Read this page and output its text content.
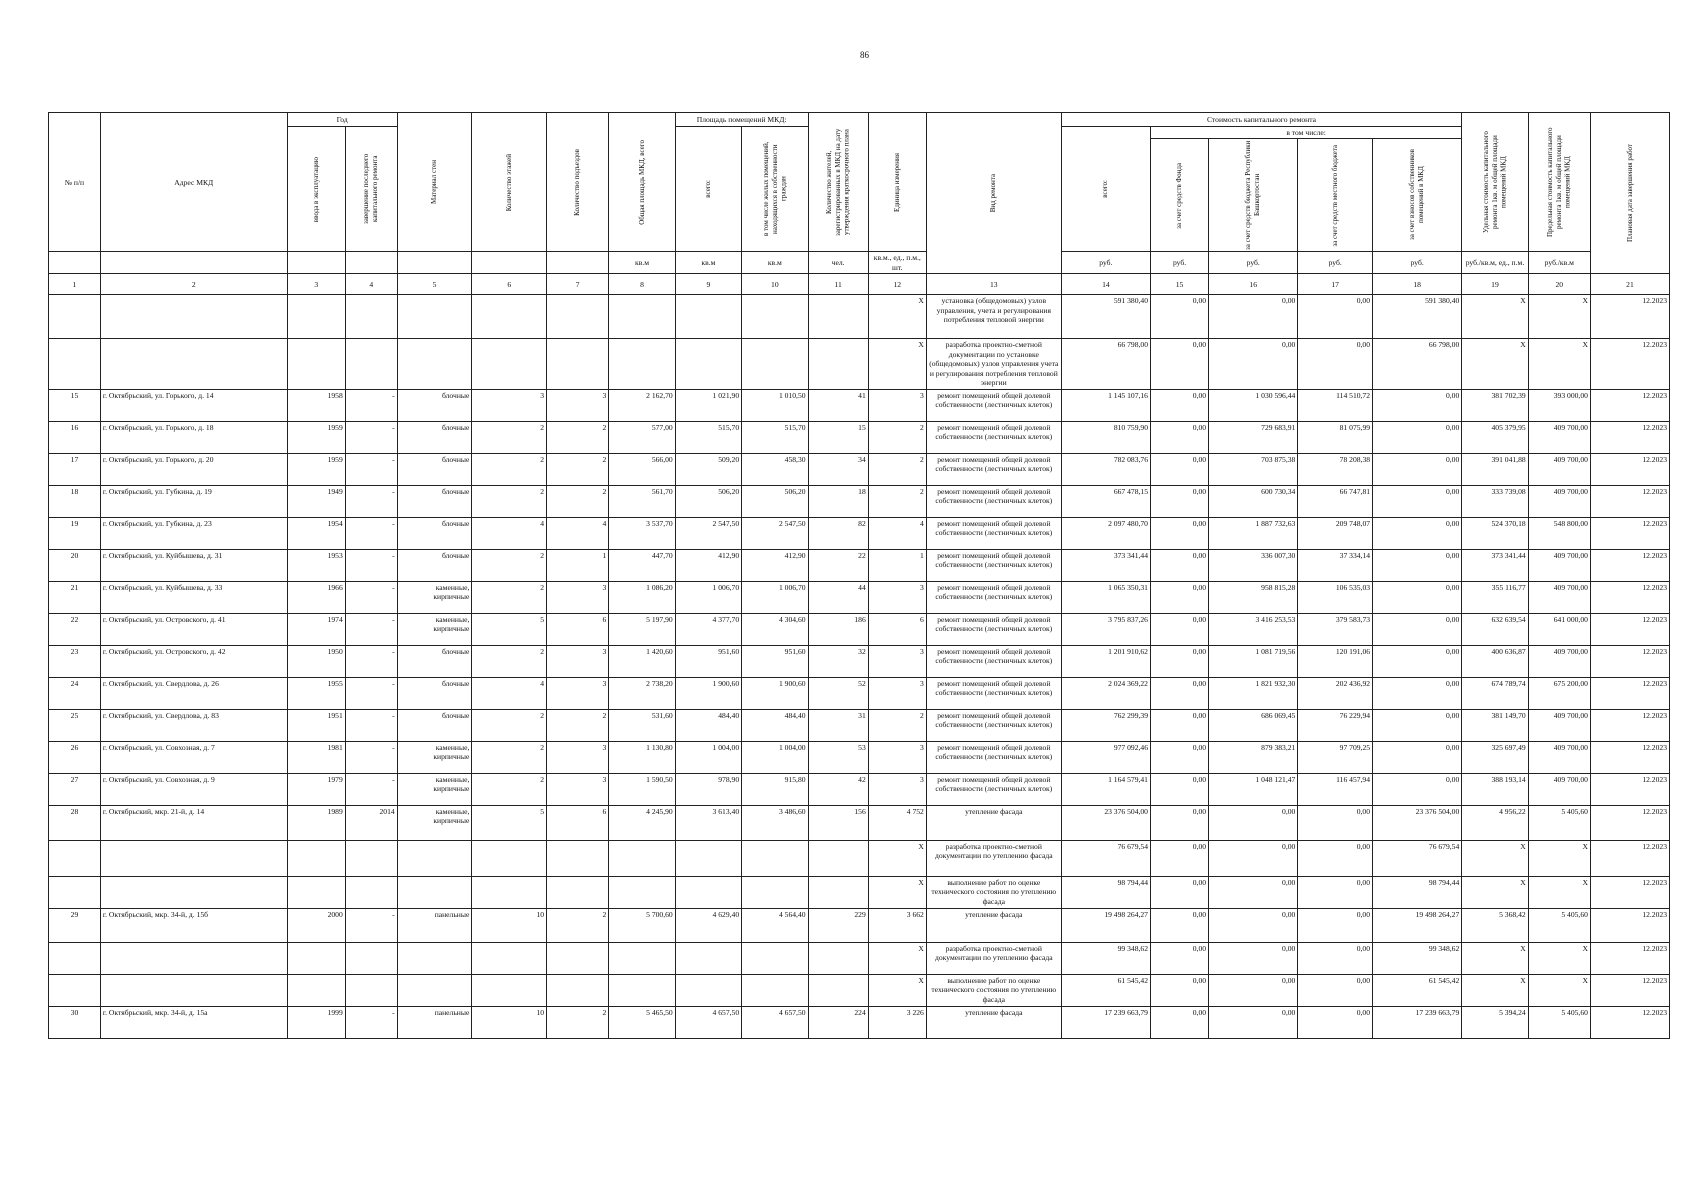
86
№ п/п	Адрес МКД	Год		Материал стен	Количество этажей	Количество подъездов	Общая площадь МКД, всего	Площадь помещений МКД:		Количество жителей, зарегистрированных в МКД на дату утверждения краткосрочного плана	Единица измерения	Вид ремонта	Стоимость капитального ремонта					Удельная стоимость капитального ремонта 1кв. м общей площади помещений МКД	Предельная стоимость капитального ремонта 1кв. м общей площади помещений МКД	Плановая дата завершения работ

		ввода в эксплуатацию	завершение последнего капитального ремонта					всего:	в том числе жилых помещений, находящихся в собственности граждан				всего:	в том числе:						

														за счет средств Фонда	за счет средств бюджета Республики Башкортостан	за счет средств местного бюджета	за счет взносов собственников помещений в МКД			

							кв.м	кв.м	кв.м	чел.	кв.м., ед., п.м., шт.		руб.	руб.	руб.	руб.	руб.	руб./кв.м, ед., п.м.	руб./кв.м	
1	2	3	4	5	6	7	8	9	10	11	12	13	14	15	16	17	18	19	20	21
											X	установка (общедомовых) узлов управления, учета и регулирования потребления тепловой энергии	591 380,40	0,00	0,00	0,00	591 380,40	X	X	12.2023
											X	разработка проектно-сметной документации по установке (общедомовых) узлов управления учета и регулирования потребления тепловой энергии	66 798,00	0,00	0,00	0,00	66 798,00	X	X	12.2023
15	г. Октябрьский, ул. Горького, д. 14	1958	-	блочные	3	3	2 162,70	1 021,90	1 010,50	41	3	ремонт помещений общей долевой собственности (лестничных клеток)	1 145 107,16	0,00	1 030 596,44	114 510,72	0,00	381 702,39	393 000,00	12.2023
16	г. Октябрьский, ул. Горького, д. 18	1959	-	блочные	2	2	577,00	515,70	515,70	15	2	ремонт помещений общей долевой собственности (лестничных клеток)	810 759,90	0,00	729 683,91	81 075,99	0,00	405 379,95	409 700,00	12.2023
17	г. Октябрьский, ул. Горького, д. 20	1959	-	блочные	2	2	566,00	509,20	458,30	34	2	ремонт помещений общей долевой собственности (лестничных клеток)	782 083,76	0,00	703 875,38	78 208,38	0,00	391 041,88	409 700,00	12.2023
18	г. Октябрьский, ул. Губкина, д. 19	1949	-	блочные	2	2	561,70	506,20	506,20	18	2	ремонт помещений общей долевой собственности (лестничных клеток)	667 478,15	0,00	600 730,34	66 747,81	0,00	333 739,08	409 700,00	12.2023
19	г. Октябрьский, ул. Губкина, д. 23	1954	-	блочные	4	4	3 537,70	2 547,50	2 547,50	82	4	ремонт помещений общей долевой собственности (лестничных клеток)	2 097 480,70	0,00	1 887 732,63	209 748,07	0,00	524 370,18	548 800,00	12.2023
20	г. Октябрьский, ул. Куйбышева, д. 31	1953	-	блочные	2	1	447,70	412,90	412,90	22	1	ремонт помещений общей долевой собственности (лестничных клеток)	373 341,44	0,00	336 007,30	37 334,14	0,00	373 341,44	409 700,00	12.2023
21	г. Октябрьский, ул. Куйбышева, д. 33	1966	-	каменные, кирпичные	2	3	1 086,20	1 006,70	1 006,70	44	3	ремонт помещений общей долевой собственности (лестничных клеток)	1 065 350,31	0,00	958 815,28	106 535,03	0,00	355 116,77	409 700,00	12.2023
22	г. Октябрьский, ул. Островского, д. 41	1974	-	каменные, кирпичные	5	6	5 197,90	4 377,70	4 304,60	186	6	ремонт помещений общей долевой собственности (лестничных клеток)	3 795 837,26	0,00	3 416 253,53	379 583,73	0,00	632 639,54	641 000,00	12.2023
23	г. Октябрьский, ул. Островского, д. 42	1950	-	блочные	2	3	1 420,60	951,60	951,60	32	3	ремонт помещений общей долевой собственности (лестничных клеток)	1 201 910,62	0,00	1 081 719,56	120 191,06	0,00	400 636,87	409 700,00	12.2023
24	г. Октябрьский, ул. Свердлова, д. 26	1955	-	блочные	4	3	2 738,20	1 900,60	1 900,60	52	3	ремонт помещений общей долевой собственности (лестничных клеток)	2 024 369,22	0,00	1 821 932,30	202 436,92	0,00	674 789,74	675 200,00	12.2023
25	г. Октябрьский, ул. Свердлова, д. 83	1951	-	блочные	2	2	531,60	484,40	484,40	31	2	ремонт помещений общей долевой собственности (лестничных клеток)	762 299,39	0,00	686 069,45	76 229,94	0,00	381 149,70	409 700,00	12.2023
26	г. Октябрьский, ул. Совхозная, д. 7	1981	-	каменные, кирпичные	2	3	1 130,80	1 004,00	1 004,00	53	3	ремонт помещений общей долевой собственности (лестничных клеток)	977 092,46	0,00	879 383,21	97 709,25	0,00	325 697,49	409 700,00	12.2023
27	г. Октябрьский, ул. Совхозная, д. 9	1979	-	каменные, кирпичные	2	3	1 590,50	978,90	915,80	42	3	ремонт помещений общей долевой собственности (лестничных клеток)	1 164 579,41	0,00	1 048 121,47	116 457,94	0,00	388 193,14	409 700,00	12.2023
28	г. Октябрьский, мкр. 21-й, д. 14	1989	2014	каменные, кирпичные	5	6	4 245,90	3 613,40	3 486,60	156	4 752	утепление фасада	23 376 504,00	0,00	0,00	0,00	23 376 504,00	4 956,22	5 405,60	12.2023
											X	разработка проектно-сметной документации по утеплению фасада	76 679,54	0,00	0,00	0,00	76 679,54	X	X	12.2023
											X	выполнение работ по оценке технического состояния по утеплению фасада	98 794,44	0,00	0,00	0,00	98 794,44	X	X	12.2023
29	г. Октябрьский, мкр. 34-й, д. 15б	2000	-	панельные	10	2	5 700,60	4 629,40	4 564,40	229	3 662	утепление фасада	19 498 264,27	0,00	0,00	0,00	19 498 264,27	5 368,42	5 405,60	12.2023
											X	разработка проектно-сметной документации по утеплению фасада	99 348,62	0,00	0,00	0,00	99 348,62	X	X	12.2023
											X	выполнение работ по оценке технического состояния по утеплению фасада	61 545,42	0,00	0,00	0,00	61 545,42	X	X	12.2023
30	г. Октябрьский, мкр. 34-й, д. 15а	1999	-	панельные	10	2	5 465,50	4 657,50	4 657,50	224	3 226	утепление фасада	17 239 663,79	0,00	0,00	0,00	17 239 663,79	5 394,24	5 405,60	12.2023
